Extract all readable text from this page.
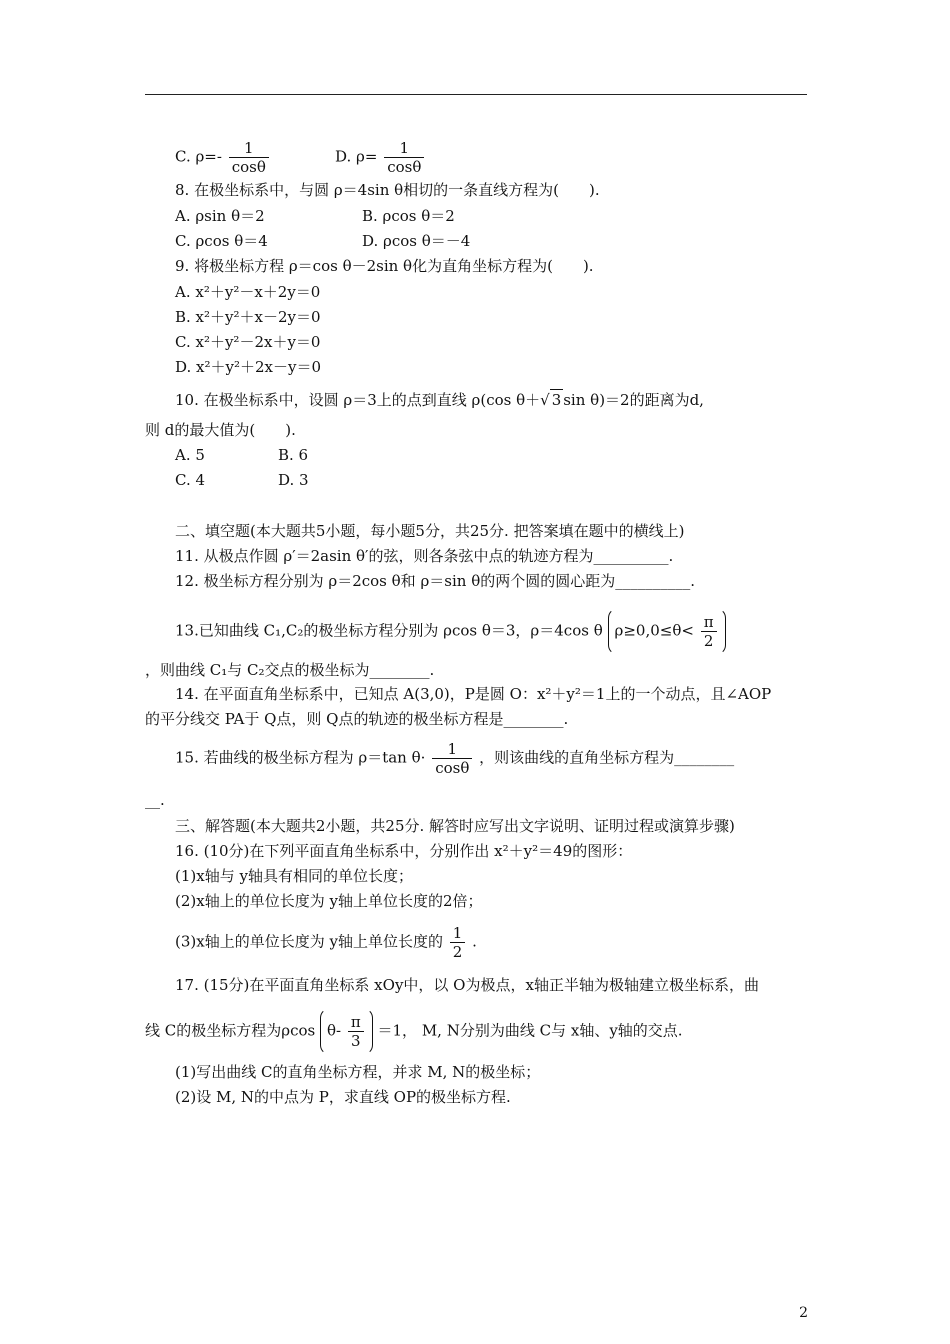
C. $\rho=- \frac{1}{\cos\theta}$	D. $\rho= \frac{1}{\cos\theta}$
8. 在极坐标系中，与圆 ρ＝4sin θ相切的一条直线方程为(　　).
A. ρsin θ＝2	B. ρcos θ＝2
C. ρcos θ＝4	D. ρcos θ＝－4
9. 将极坐标方程 ρ＝cos θ－2sin θ化为直角坐标方程为(　　).
A. x²＋y²－x＋2y＝0
B. x²＋y²＋x－2y＝0
C. x²＋y²－2x＋y＝0
D. x²＋y²＋2x－y＝0
10. 在极坐标系中，设圆 ρ＝3上的点到直线 ρ(cos θ＋√ 3 sin θ)＝2的距离为d,
则 d的最大值为(　　).
A. 5	B. 6
C. 4	D. 3
二、填空题(本大题共5小题，每小题5分，共25分. 把答案填在题中的横线上)
11. 从极点作圆 ρ′＝2asin θ′的弦，则各条弦中点的轨迹方程为__________.
12. 极坐标方程分别为 ρ＝2cos θ和 ρ＝sin θ的两个圆的圆心距为__________.
13.已知曲线 C₁,C₂的极坐标方程分别为 ρcos θ＝3，ρ＝4cos θ $\rho\ge 0,0\le\theta< \frac{\pi}{2}$
，则曲线 C₁与 C₂交点的极坐标为________.
14. 在平面直角坐标系中，已知点 A(3,0)，P是圆 O：x²＋y²＝1上的一个动点，且∠AOP
的平分线交 PA于 Q点，则 Q点的轨迹的极坐标方程是________.
15. 若曲线的极坐标方程为 ρ＝tan $\theta\cdot \frac{1}{\cos\theta}$ ，则该曲线的直角坐标方程为________
__.
三、解答题(本大题共2小题，共25分. 解答时应写出文字说明、证明过程或演算步骤)
16. (10分)在下列平面直角坐标系中，分别作出 x²＋y²＝49的图形：
(1)x轴与 y轴具有相同的单位长度；
(2)x轴上的单位长度为 y轴上单位长度的2倍；
(3)x轴上的单位长度为 y轴上单位长度的 $\frac{1}{2}$ .
17. (15分)在平面直角坐标系 xOy中，以 O为极点，x轴正半轴为极轴建立极坐标系，曲
线 C的极坐标方程为ρcos $\theta- \frac{\pi}{3} =1$， M, N分别为曲线 C与 x轴、y轴的交点.
(1)写出曲线 C的直角坐标方程，并求 M, N的极坐标；
(2)设 M, N的中点为 P，求直线 OP的极坐标方程.
2
